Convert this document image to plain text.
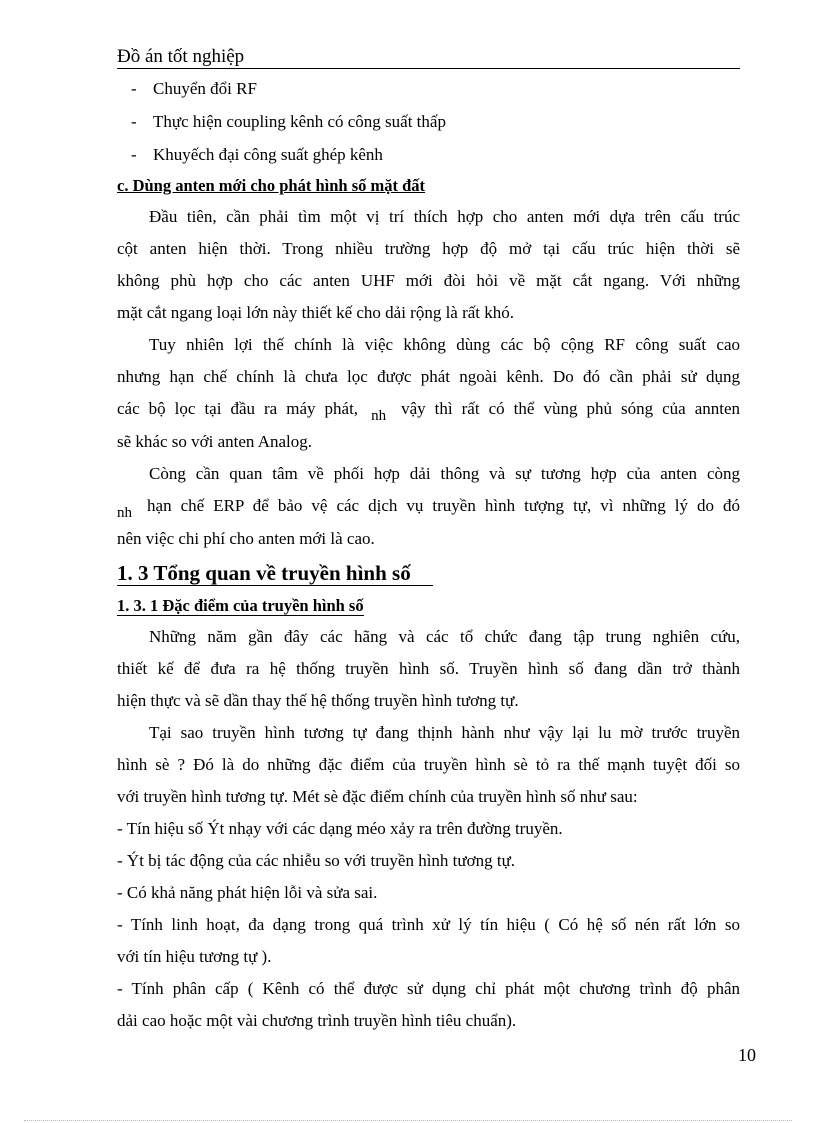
Đồ án tốt nghiệp
- Chuyển đổi RF
- Thực hiện coupling kênh có công suất thấp
- Khuyếch đại công suất ghép kênh
c. Dùng anten mới cho phát hình số mặt đất
Đầu tiên, cần phải tìm một vị trí thích hợp cho anten mới dựa trên cấu trúc
cột anten hiện thời. Trong nhiều trường hợp độ mở tại cấu trúc hiện thời sẽ
không phù hợp cho các anten UHF mới đòi hỏi về mặt cắt ngang. Với những
mặt cắt ngang loại lớn này thiết kế cho dải rộng là rất khó.
Tuy nhiên lợi thế chính là việc không dùng các bộ cộng RF công suất cao
nhưng hạn chế chính là chưa lọc được phát ngoài kênh. Do đó cần phải sử dụng
các bộ lọc tại đầu ra máy phát, nh vậy thì rất có thể vùng phủ sóng của annten
sẽ khác so với anten Analog.
Còng cần quan tâm về phối hợp dải thông và sự tương hợp của anten còng
nh hạn chế ERP để bảo vệ các dịch vụ truyền hình tượng tự, vì những lý do đó
nên việc chi phí cho anten mới là cao.
1. 3 Tổng quan về truyền hình số
1. 3. 1 Đặc điểm của truyền hình số
Những năm gần đây các hãng và các tổ chức đang tập trung nghiên cứu,
thiết kế để đưa ra hệ thống truyền hình số. Truyền hình số đang dần trở thành
hiện thực và sẽ dần thay thế hệ thống truyền hình tương tự.
Tại sao truyền hình tương tự đang thịnh hành như vậy lại lu mờ trước truyền
hình sè ? Đó là do những đặc điểm của truyền hình sè tỏ ra thế mạnh tuyệt đối so
với truyền hình tương tự. Mét sè đặc điểm chính của truyền hình số như sau:
- Tín hiệu số Ýt nhạy với các dạng méo xảy ra trên đường truyền.
- Ýt bị tác động của các nhiễu so với truyền hình tương tự.
- Có khả năng phát hiện lỗi và sửa sai.
- Tính linh hoạt, đa dạng trong quá trình xử lý tín hiệu ( Có hệ số nén rất lớn so
với tín hiệu tương tự ).
- Tính phân cấp ( Kênh có thể được sử dụng chỉ phát một chương trình độ phân
dải cao hoặc một vài chương trình truyền hình tiêu chuẩn).
10
